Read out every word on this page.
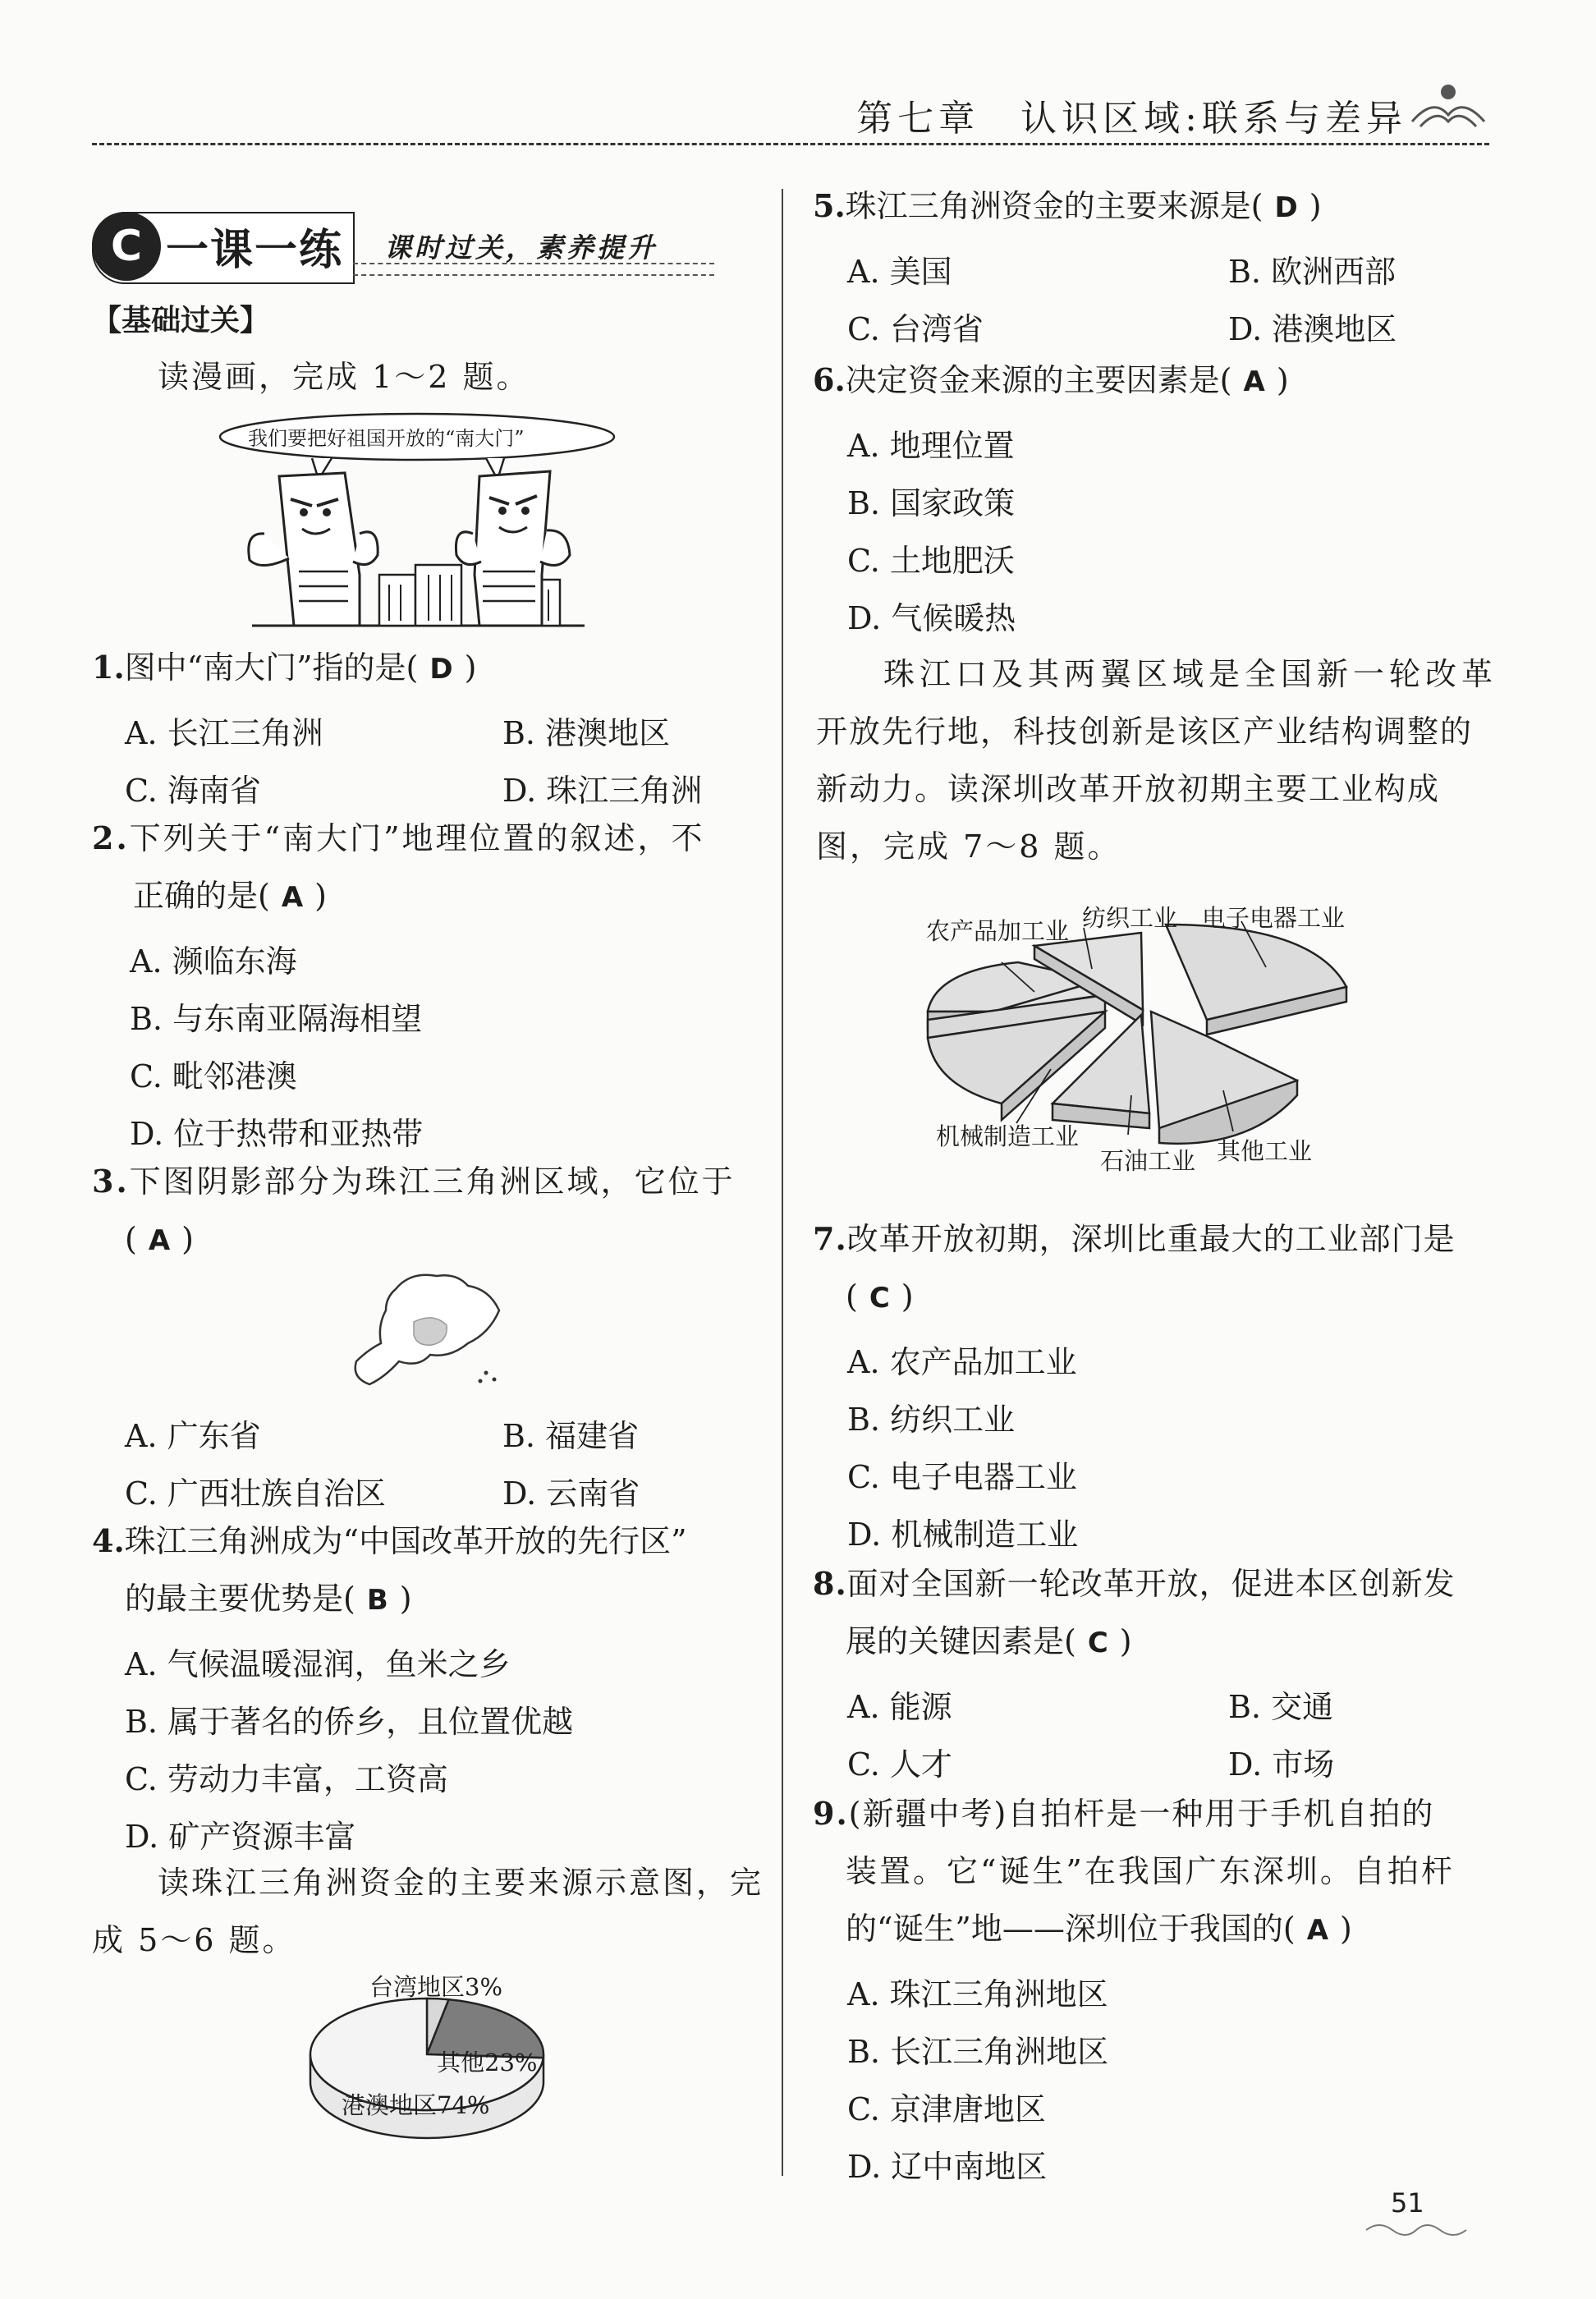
第七章　认识区域:联系与差异
C 一课一练 课时过关，素养提升
【基础过关】
读漫画，完成 1～2 题。
我们要把好祖国开放的“南大门”
1.图中“南大门”指的是( D )
A. 长江三角洲	B. 港澳地区
C. 海南省	D. 珠江三角洲
2.下列关于“南大门”地理位置的叙述，不
正确的是( A )
A. 濒临东海
B. 与东南亚隔海相望
C. 毗邻港澳
D. 位于热带和亚热带
3.下图阴影部分为珠江三角洲区域，它位于
( A )
A. 广东省	B. 福建省
C. 广西壮族自治区	D. 云南省
4.珠江三角洲成为“中国改革开放的先行区”
的最主要优势是( B )
A. 气候温暖湿润，鱼米之乡
B. 属于著名的侨乡，且位置优越
C. 劳动力丰富，工资高
D. 矿产资源丰富
读珠江三角洲资金的主要来源示意图，完
成 5～6 题。
台湾地区3%
其他23%
港澳地区74%
5.珠江三角洲资金的主要来源是( D )
A. 美国	B. 欧洲西部
C. 台湾省	D. 港澳地区
6.决定资金来源的主要因素是( A )
A. 地理位置
B. 国家政策
C. 土地肥沃
D. 气候暖热
珠江口及其两翼区域是全国新一轮改革
开放先行地，科技创新是该区产业结构调整的
新动力。读深圳改革开放初期主要工业构成
图，完成 7～8 题。
农产品加工业 纺织工业 电子电器工业
机械制造工业
石油工业 其他工业
7.改革开放初期，深圳比重最大的工业部门是
( C )
A. 农产品加工业
B. 纺织工业
C. 电子电器工业
D. 机械制造工业
8.面对全国新一轮改革开放，促进本区创新发
展的关键因素是( C )
A. 能源	B. 交通
C. 人才	D. 市场
9.(新疆中考)自拍杆是一种用于手机自拍的
装置。它“诞生”在我国广东深圳。自拍杆
的“诞生”地——深圳位于我国的( A )
A. 珠江三角洲地区
B. 长江三角洲地区
C. 京津唐地区
D. 辽中南地区
51
